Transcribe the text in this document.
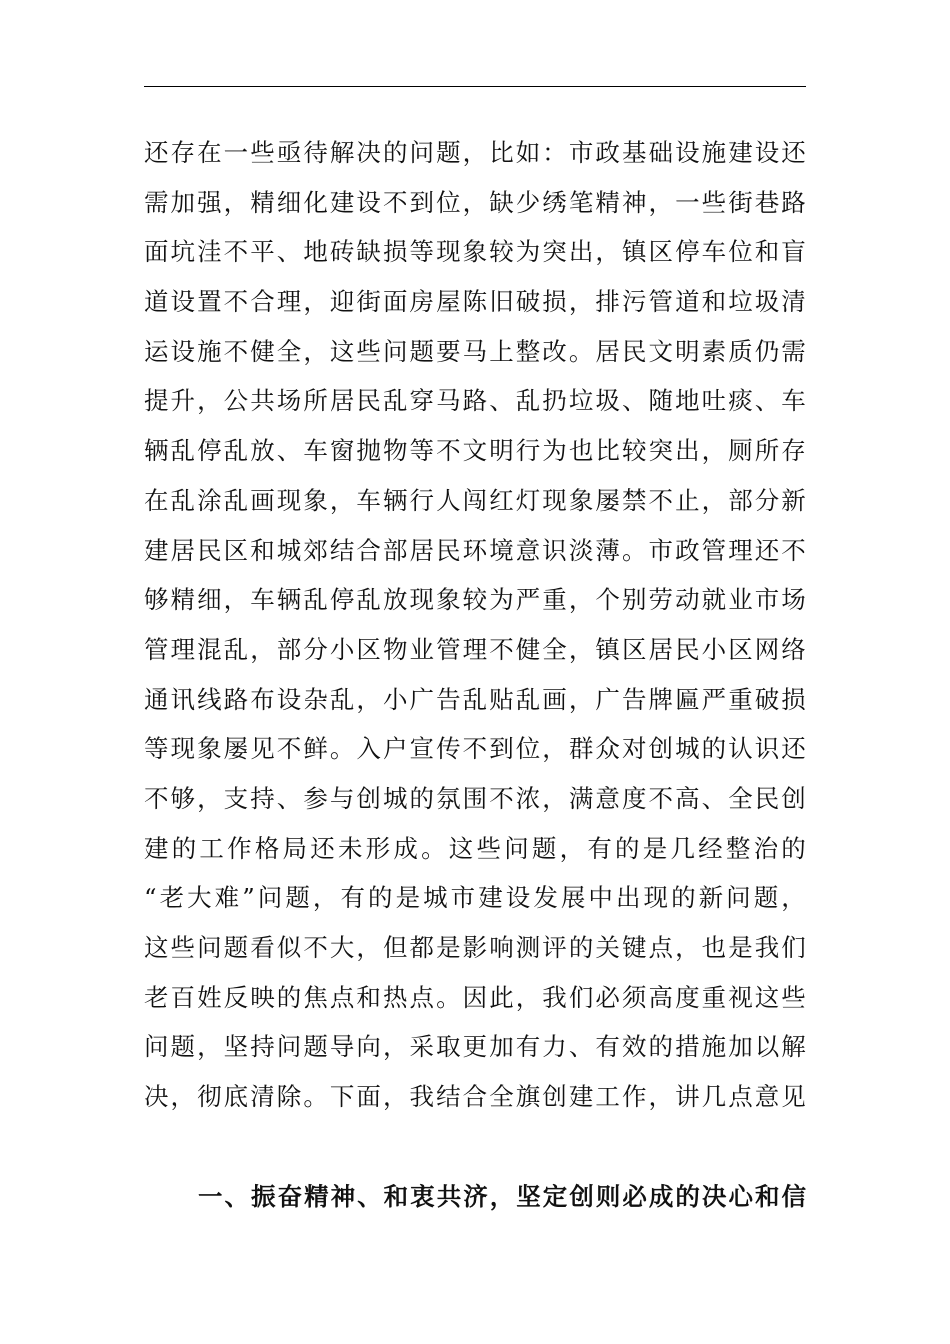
还存在一些亟待解决的问题，比如：市政基础设施建设还
需加强，精细化建设不到位，缺少绣笔精神，一些街巷路
面坑洼不平、地砖缺损等现象较为突出，镇区停车位和盲
道设置不合理，迎街面房屋陈旧破损，排污管道和垃圾清
运设施不健全，这些问题要马上整改。居民文明素质仍需
提升，公共场所居民乱穿马路、乱扔垃圾、随地吐痰、车
辆乱停乱放、车窗抛物等不文明行为也比较突出，厕所存
在乱涂乱画现象，车辆行人闯红灯现象屡禁不止，部分新
建居民区和城郊结合部居民环境意识淡薄。市政管理还不
够精细，车辆乱停乱放现象较为严重，个别劳动就业市场
管理混乱，部分小区物业管理不健全，镇区居民小区网络
通讯线路布设杂乱，小广告乱贴乱画，广告牌匾严重破损
等现象屡见不鲜。入户宣传不到位，群众对创城的认识还
不够，支持、参与创城的氛围不浓，满意度不高、全民创
建的工作格局还未形成。这些问题，有的是几经整治的
“老大难”问题，有的是城市建设发展中出现的新问题，
这些问题看似不大，但都是影响测评的关键点，也是我们
老百姓反映的焦点和热点。因此，我们必须高度重视这些
问题，坚持问题导向，采取更加有力、有效的措施加以解
决，彻底清除。下面，我结合全旗创建工作，讲几点意见
一、振奋精神、和衷共济，坚定创则必成的决心和信
